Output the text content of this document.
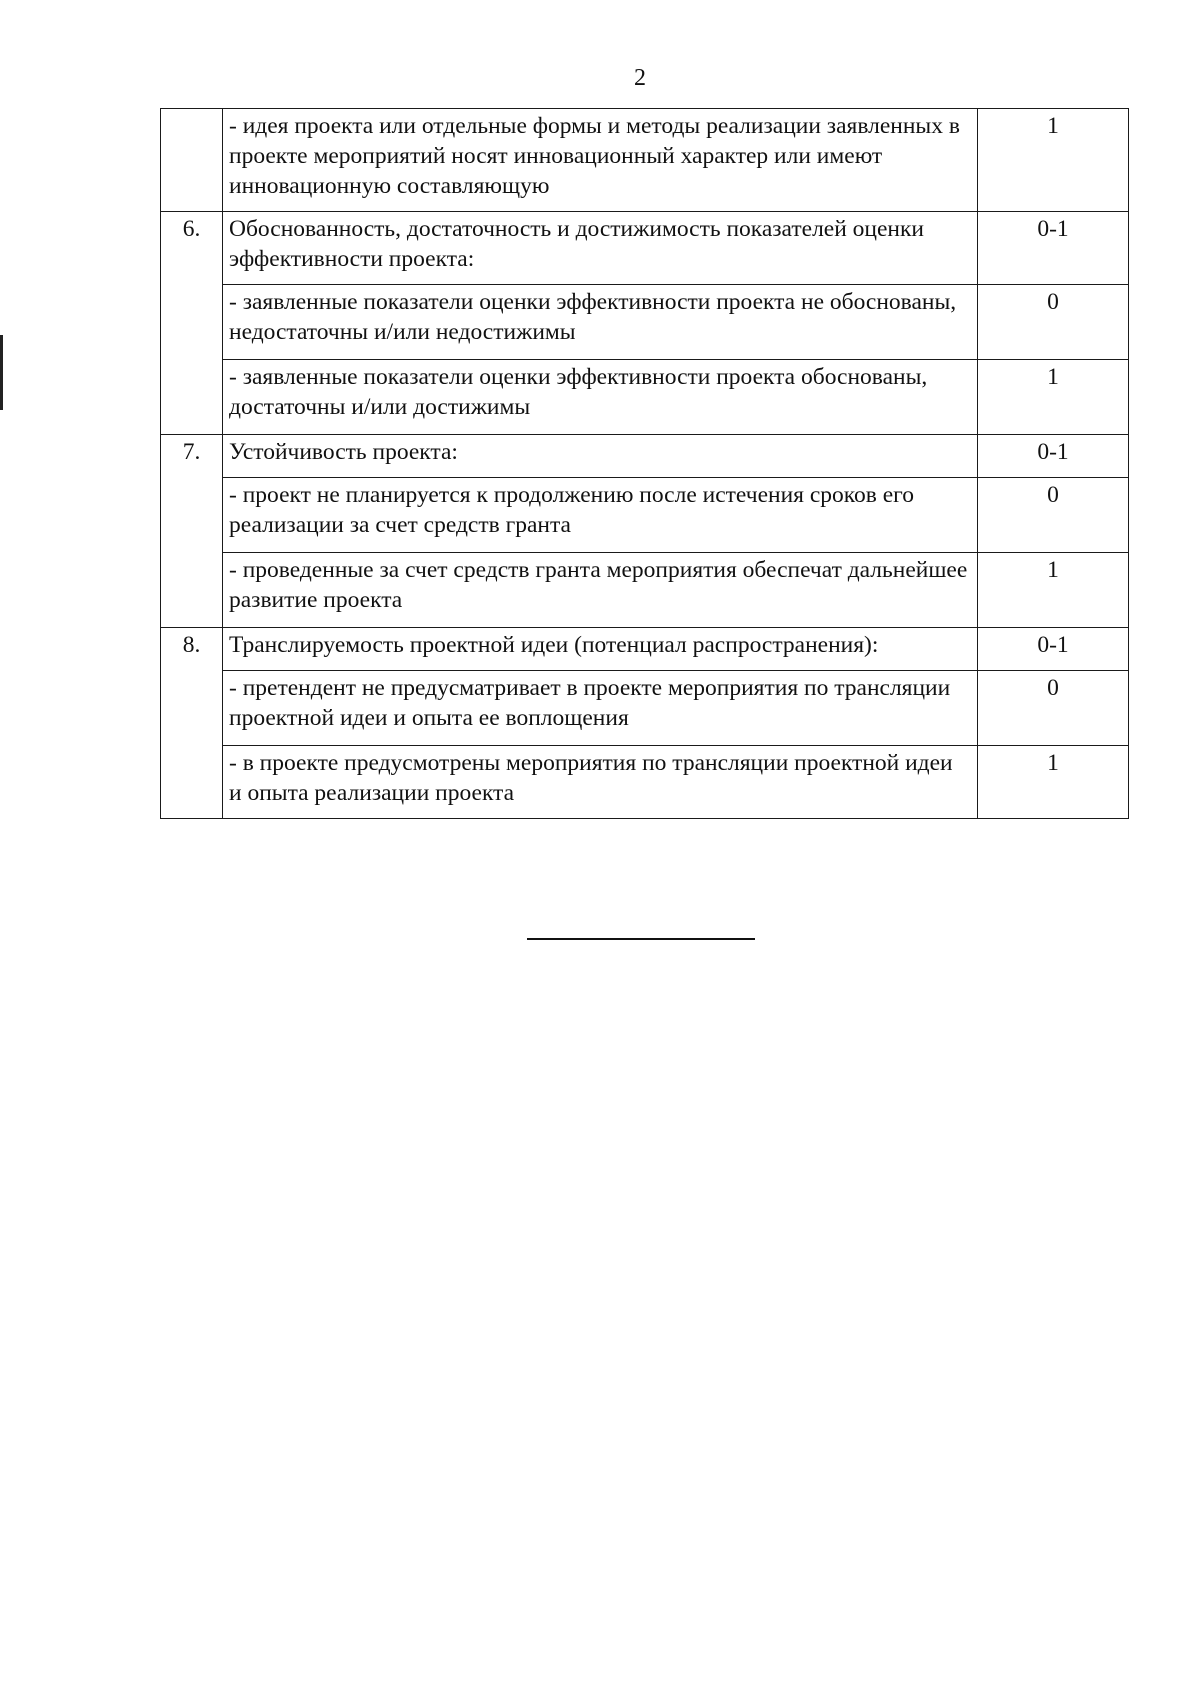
2
	- идея проекта или отдельные формы и методы реализации заявленных в проекте мероприятий носят инновационный характер или имеют инновационную составляющую	1
6.	Обоснованность, достаточность и достижимость показателей оценки эффективности проекта:	0-1
	- заявленные показатели оценки эффективности проекта не обоснованы, недостаточны и/или недостижимы	0
	- заявленные показатели оценки эффективности проекта обоснованы, достаточны и/или достижимы	1
7.	Устойчивость проекта:	0-1
	- проект не планируется к продолжению после истечения сроков его реализации за счет средств гранта	0
	- проведенные за счет средств гранта мероприятия обеспечат дальнейшее развитие проекта	1
8.	Транслируемость проектной идеи (потенциал распространения):	0-1
	- претендент не предусматривает в проекте мероприятия по трансляции проектной идеи и опыта ее воплощения	0
	- в проекте предусмотрены мероприятия по трансляции проектной идеи и опыта реализации проекта	1
